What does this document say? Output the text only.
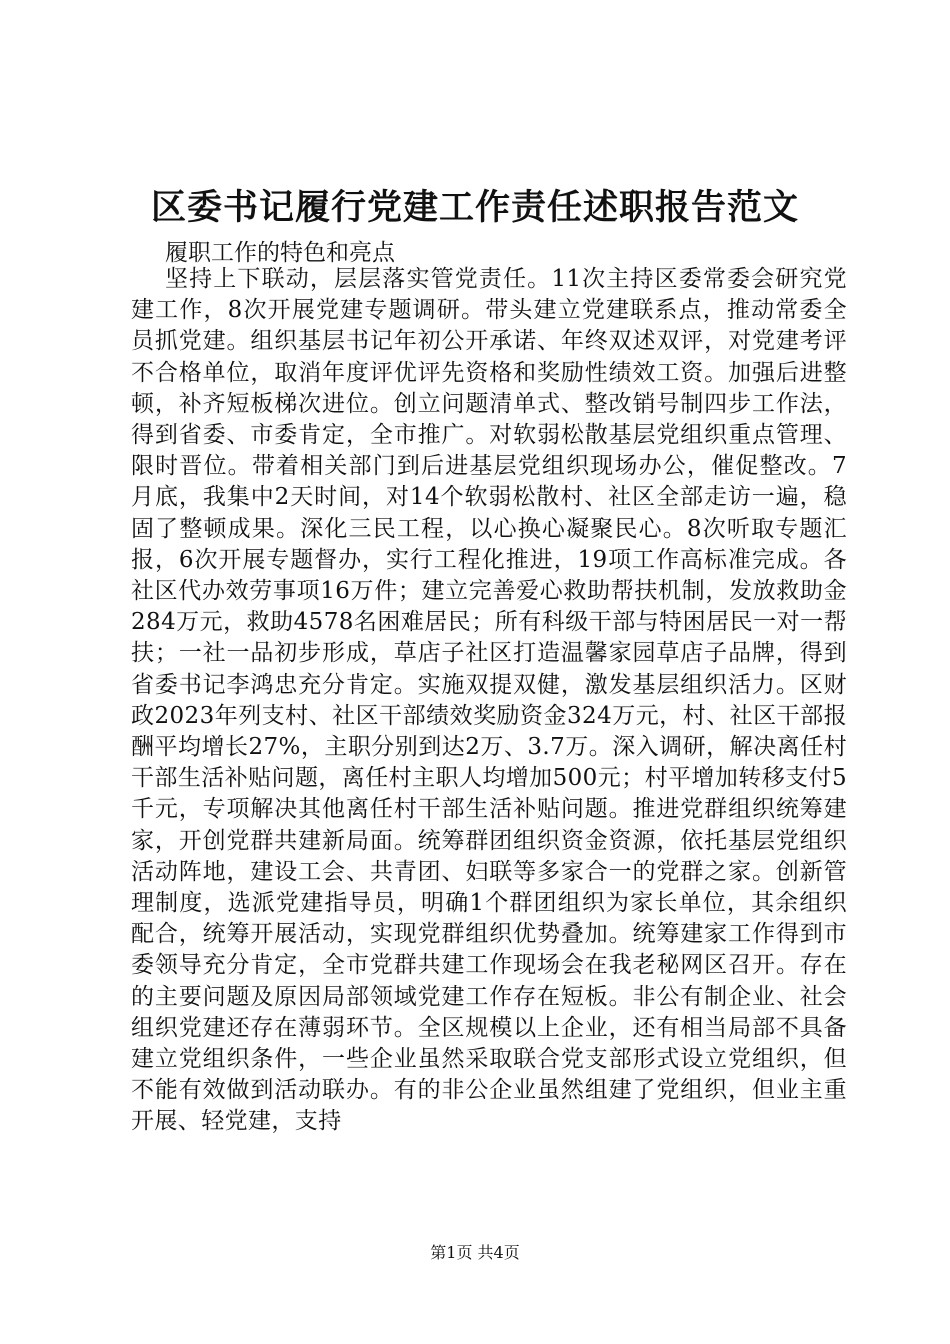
区委书记履行党建工作责任述职报告范文
履职工作的特色和亮点
坚持上下联动，层层落实管党责任。11次主持区委常委会研究党建工作，8次开展党建专题调研。带头建立党建联系点，推动常委全员抓党建。组织基层书记年初公开承诺、年终双述双评，对党建考评不合格单位，取消年度评优评先资格和奖励性绩效工资。加强后进整顿，补齐短板梯次进位。创立问题清单式、整改销号制四步工作法，得到省委、市委肯定，全市推广。对软弱松散基层党组织重点管理、限时晋位。带着相关部门到后进基层党组织现场办公，催促整改。7月底，我集中2天时间，对14个软弱松散村、社区全部走访一遍，稳固了整顿成果。深化三民工程，以心换心凝聚民心。8次听取专题汇报，6次开展专题督办，实行工程化推进，19项工作高标准完成。各社区代办效劳事项16万件；建立完善爱心救助帮扶机制，发放救助金284万元，救助4578名困难居民；所有科级干部与特困居民一对一帮扶；一社一品初步形成，草店子社区打造温馨家园草店子品牌，得到省委书记李鸿忠充分肯定。实施双提双健，激发基层组织活力。区财政2023年列支村、社区干部绩效奖励资金324万元，村、社区干部报酬平均增长27%，主职分别到达2万、3.7万。深入调研，解决离任村干部生活补贴问题，离任村主职人均增加500元；村平增加转移支付5千元，专项解决其他离任村干部生活补贴问题。推进党群组织统筹建家，开创党群共建新局面。统筹群团组织资金资源，依托基层党组织活动阵地，建设工会、共青团、妇联等多家合一的党群之家。创新管理制度，选派党建指导员，明确1个群团组织为家长单位，其余组织配合，统筹开展活动，实现党群组织优势叠加。统筹建家工作得到市委领导充分肯定，全市党群共建工作现场会在我老秘网区召开。存在的主要问题及原因局部领域党建工作存在短板。非公有制企业、社会组织党建还存在薄弱环节。全区规模以上企业，还有相当局部不具备建立党组织条件，一些企业虽然采取联合党支部形式设立党组织，但不能有效做到活动联办。有的非公企业虽然组建了党组织，但业主重开展、轻党建，支持
第1页 共4页
